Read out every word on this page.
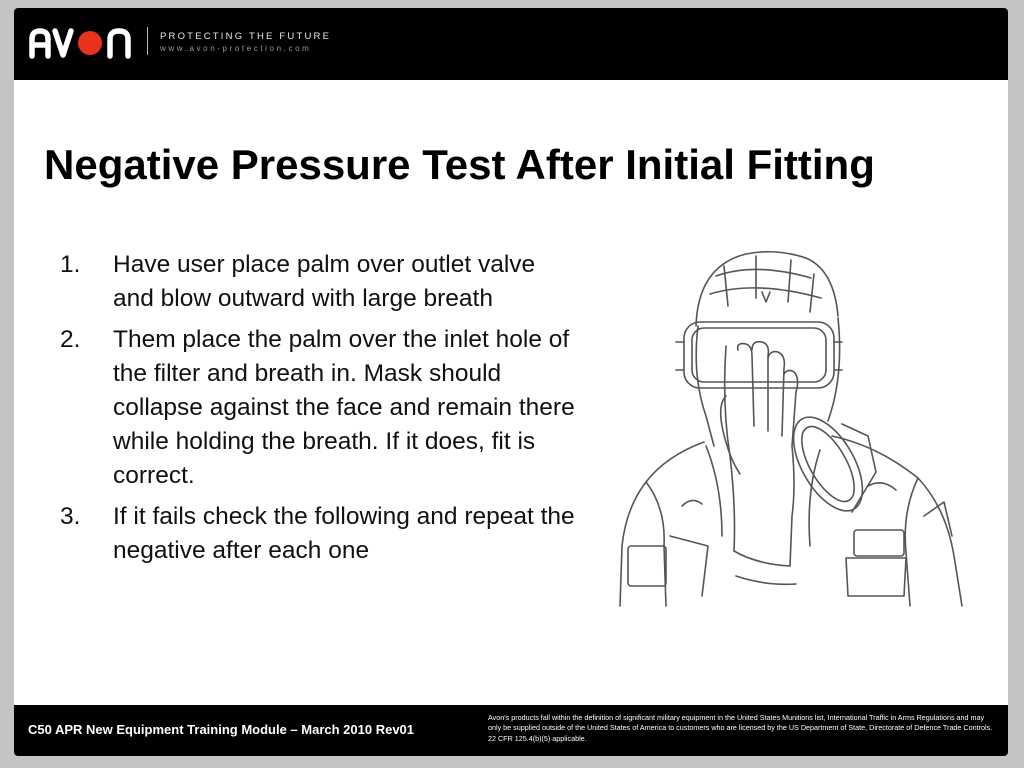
PROTECTING THE FUTURE
www.avon-protection.com
Negative Pressure Test After Initial Fitting
1. Have user place palm over outlet valve and blow outward with large breath
2. Them place the palm over the inlet hole of the filter and breath in. Mask should collapse against the face and remain there while holding the breath. If it does, fit is correct.
3. If it fails check the following and repeat the negative after each one
C50 APR New Equipment Training Module – March 2010 Rev01
Avon's products fall within the definition of significant military equipment in the United States Munitions list, International Traffic in Arms Regulations and may only be supplied outside of the United States of America to customers who are licensed by the US Department of State, Directorate of Defence Trade Controls. 22 CFR 125.4(b)(5) applicable.
